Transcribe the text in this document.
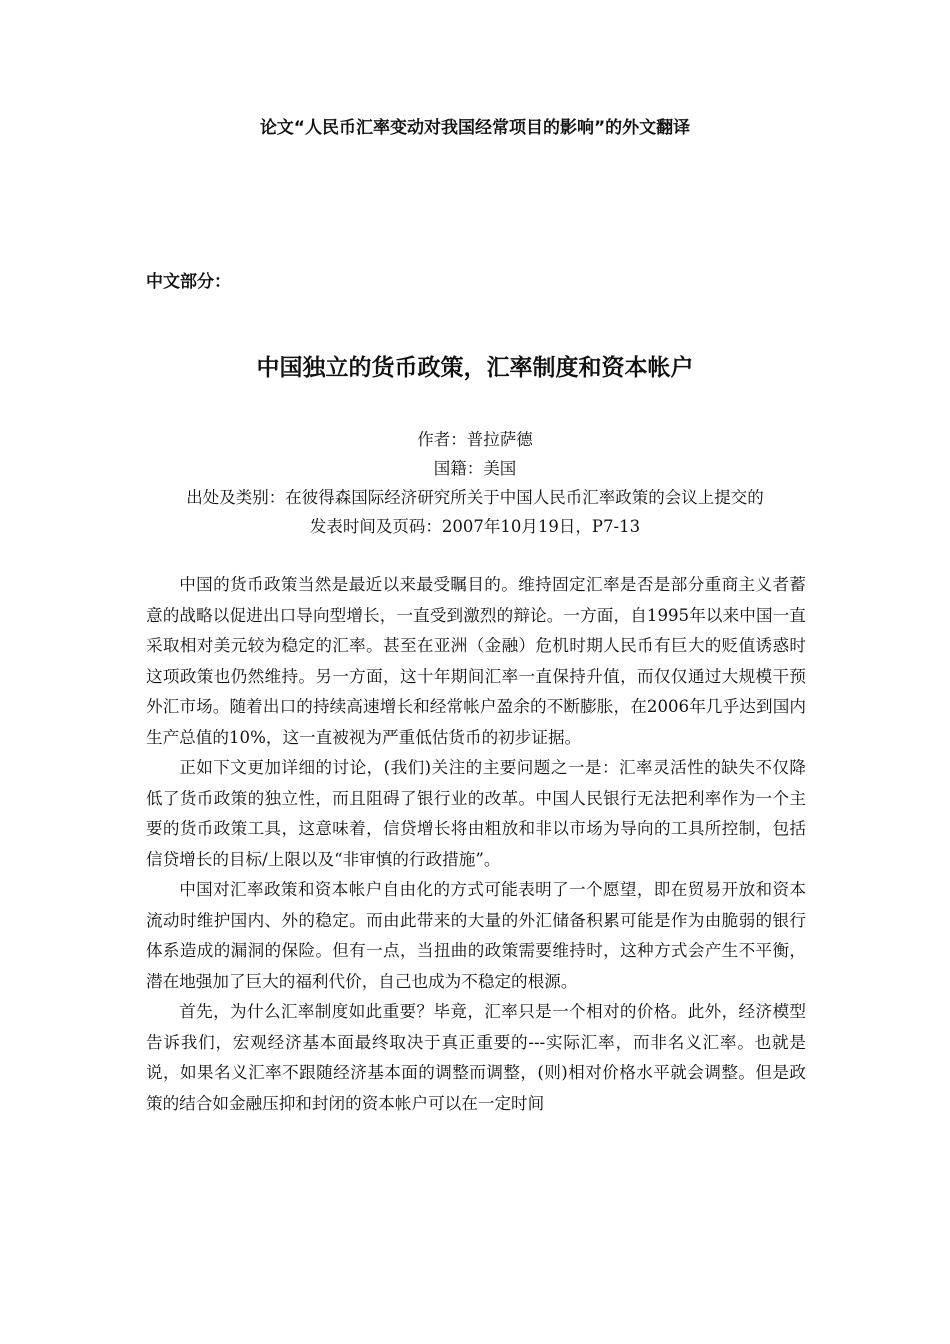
论文“人民币汇率变动对我国经常项目的影响”的外文翻译
中文部分：
中国独立的货币政策，汇率制度和资本帐户
作者：普拉萨德
国籍：美国
出处及类别：在彼得森国际经济研究所关于中国人民币汇率政策的会议上提交的
发表时间及页码：2007年10月19日，P7-13

中国的货币政策当然是最近以来最受瞩目的。维持固定汇率是否是部分重商主义者蓄意的战略以促进出口导向型增长，一直受到激烈的辩论。一方面，自1995年以来中国一直采取相对美元较为稳定的汇率。甚至在亚洲（金融）危机时期人民币有巨大的贬值诱惑时这项政策也仍然维持。另一方面，这十年期间汇率一直保持升值，而仅仅通过大规模干预外汇市场。随着出口的持续高速增长和经常帐户盈余的不断膨胀，在2006年几乎达到国内生产总值的10%，这一直被视为严重低估货币的初步证据。

正如下文更加详细的讨论，(我们)关注的主要问题之一是：汇率灵活性的缺失不仅降低了货币政策的独立性，而且阻碍了银行业的改革。中国人民银行无法把利率作为一个主要的货币政策工具，这意味着，信贷增长将由粗放和非以市场为导向的工具所控制，包括信贷增长的目标/上限以及“非审慎的行政措施”。

中国对汇率政策和资本帐户自由化的方式可能表明了一个愿望，即在贸易开放和资本流动时维护国内、外的稳定。而由此带来的大量的外汇储备积累可能是作为由脆弱的银行体系造成的漏洞的保险。但有一点，当扭曲的政策需要维持时，这种方式会产生不平衡，潜在地强加了巨大的福利代价，自己也成为不稳定的根源。

首先，为什么汇率制度如此重要？毕竟，汇率只是一个相对的价格。此外，经济模型告诉我们，宏观经济基本面最终取决于真正重要的---实际汇率，而非名义汇率。也就是说，如果名义汇率不跟随经济基本面的调整而调整，(则)相对价格水平就会调整。但是政策的结合如金融压抑和封闭的资本帐户可以在一定时间
